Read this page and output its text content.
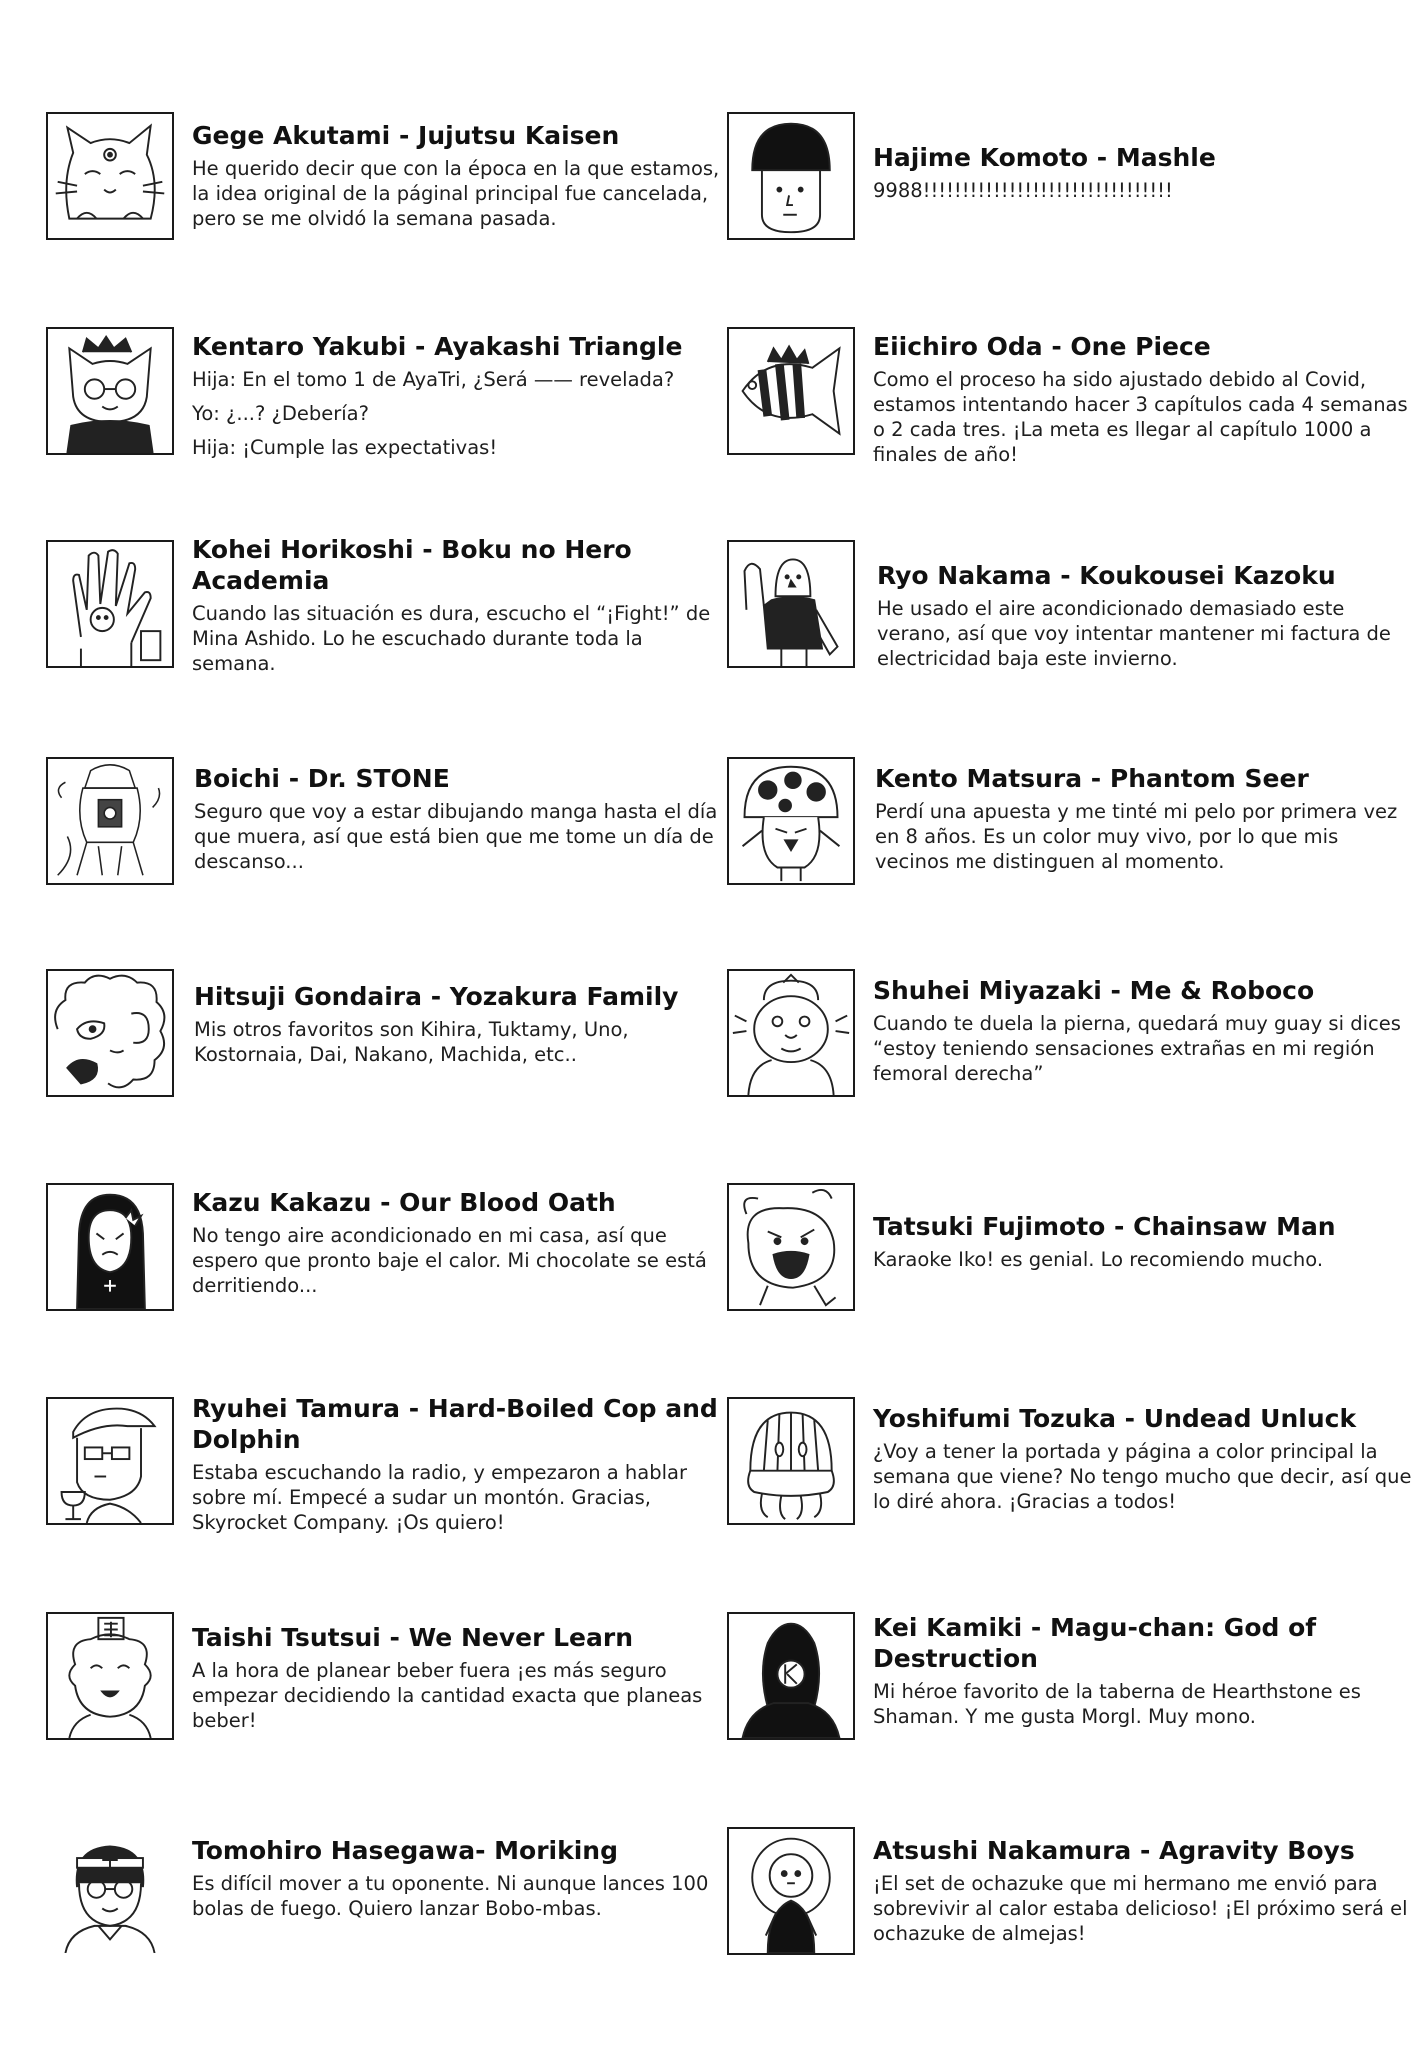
Gege Akutami - Jujutsu Kaisen

He querido decir que con la época en la que estamos, la idea original de la páginal principal fue cancelada, pero se me olvidó la semana pasada.

Hajime Komoto - Mashle

9988!!!!!!!!!!!!!!!!!!!!!!!!!!!!!!!!

Kentaro Yakubi - Ayakashi Triangle

Hija: En el tomo 1 de AyaTri, ¿Será —— revelada?

Yo: ¿...? ¿Debería?

Hija: ¡Cumple las expectativas!

Eiichiro Oda - One Piece

Como el proceso ha sido ajustado debido al Covid, estamos intentando hacer 3 capítulos cada 4 semanas o 2 cada tres. ¡La meta es llegar al capítulo 1000 a finales de año!

Kohei Horikoshi - Boku no Hero Academia

Cuando las situación es dura, escucho el “¡Fight!” de Mina Ashido. Lo he escuchado durante toda la semana.

Ryo Nakama - Koukousei Kazoku

He usado el aire acondicionado demasiado este verano, así que voy intentar mantener mi factura de electricidad baja este invierno.

Boichi - Dr. STONE

Seguro que voy a estar dibujando manga hasta el día que muera, así que está bien que me tome un día de descanso...

Kento Matsura - Phantom Seer

Perdí una apuesta y me tinté mi pelo por primera vez en 8 años. Es un color muy vivo, por lo que mis vecinos me distinguen al momento.

Hitsuji Gondaira - Yozakura Family

Mis otros favoritos son Kihira, Tuktamy, Uno, Kostornaia, Dai, Nakano, Machida, etc..

Shuhei Miyazaki - Me & Roboco

Cuando te duela la pierna, quedará muy guay si dices “estoy teniendo sensaciones extrañas en mi región femoral derecha”

Kazu Kakazu - Our Blood Oath

No tengo aire acondicionado en mi casa, así que espero que pronto baje el calor. Mi chocolate se está derritiendo...

Tatsuki Fujimoto - Chainsaw Man

Karaoke Iko! es genial. Lo recomiendo mucho.

Ryuhei Tamura - Hard-Boiled Cop and Dolphin

Estaba escuchando la radio, y empezaron a hablar sobre mí. Empecé a sudar un montón. Gracias, Skyrocket Company. ¡Os quiero!

Yoshifumi Tozuka - Undead Unluck

¿Voy a tener la portada y página a color principal la semana que viene? No tengo mucho que decir, así que lo diré ahora. ¡Gracias a todos!

Taishi Tsutsui - We Never Learn

A la hora de planear beber fuera ¡es más seguro empezar decidiendo la cantidad exacta que planeas beber!

Kei Kamiki - Magu-chan: God of Destruction

Mi héroe favorito de la taberna de Hearthstone es Shaman. Y me gusta Morgl. Muy mono.

Tomohiro Hasegawa- Moriking

Es difícil mover a tu oponente. Ni aunque lances 100 bolas de fuego. Quiero lanzar Bobo-mbas.

Atsushi Nakamura - Agravity Boys

¡El set de ochazuke que mi hermano me envió para sobrevivir al calor estaba delicioso! ¡El próximo será el ochazuke de almejas!
